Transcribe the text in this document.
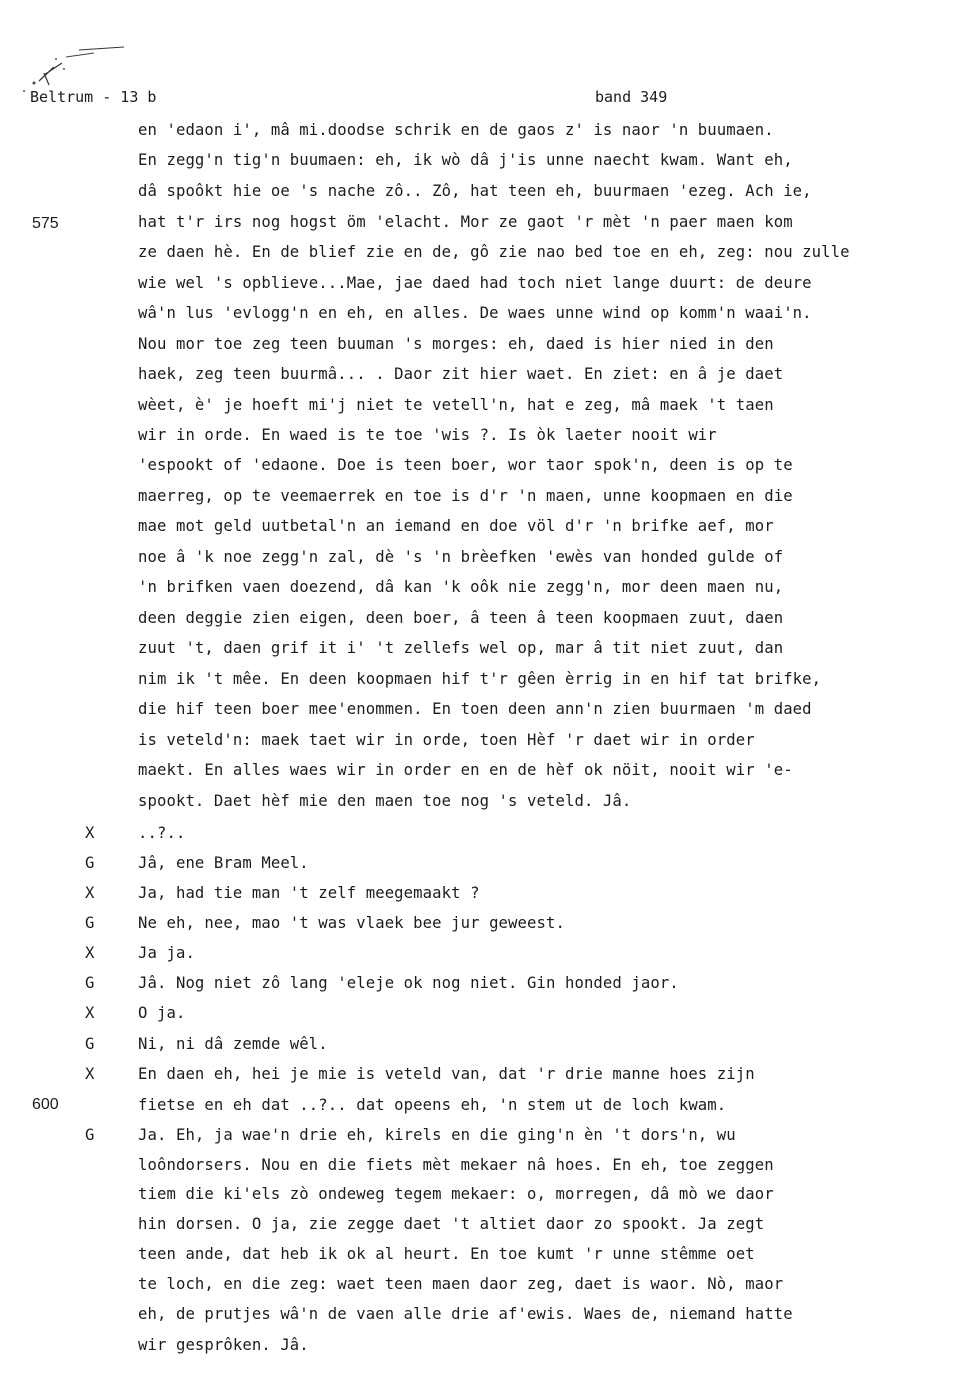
Beltrum - 13 b	band 349
575
600
X
G
X
G
X
G
X
G
X
G
en 'edaon i', mâ mi.doodse schrik en de gaos z' is naor 'n buumaen.
En zegg'n tig'n buumaen: eh, ik wò dâ j'is unne naecht kwam. Want eh,
dâ spoôkt hie oe 's nache zô.. Zô, hat teen eh, buurmaen 'ezeg. Ach ie,
hat t'r irs nog hogst öm 'elacht. Mor ze gaot 'r mèt 'n paer maen kom
ze daen hè. En de blief zie en de, gô zie nao bed toe en eh, zeg: nou zulle
wie wel 's opblieve...Mae, jae daed had toch niet lange duurt: de deure
wâ'n lus 'evlogg'n en eh, en alles. De waes unne wind op komm'n waai'n.
Nou mor toe zeg teen buuman 's morges: eh, daed is hier nied in den
haek, zeg teen buurmâ... . Daor zit hier waet. En ziet: en â je daet
wèet, è' je hoeft mi'j niet te vetell'n, hat e zeg, mâ maek 't taen
wir in orde. En waed is te toe 'wis ?. Is òk laeter nooit wir
'espookt of 'edaone. Doe is teen boer, wor taor spok'n, deen is op te
maerreg, op te veemaerrek en toe is d'r 'n maen, unne koopmaen en die
mae mot geld uutbetal'n an iemand en doe völ d'r 'n brifke aef, mor
noe â 'k noe zegg'n zal, dè 's 'n brèefken 'ewès van honded gulde of
'n brifken vaen doezend, dâ kan 'k oôk nie zegg'n, mor deen maen nu,
deen deggie zien eigen, deen boer, â teen â teen koopmaen zuut, daen
zuut 't, daen grif it i' 't zellefs wel op, mar â tit niet zuut, dan
nim ik 't mêe. En deen koopmaen hif t'r gêen èrrig in en hif tat brifke,
die hif teen boer mee'enommen. En toen deen ann'n zien buurmaen 'm daed
is veteld'n: maek taet wir in orde, toen Hèf 'r daet wir in order
maekt. En alles waes wir in order en en de hèf ok nöit, nooit wir 'e-
spookt. Daet hèf mie den maen toe nog 's veteld. Jâ.
..?..
Jâ, ene Bram Meel.
Ja, had tie man 't zelf meegemaakt ?
Ne eh, nee, mao 't was vlaek bee jur geweest.
Ja ja.
Jâ. Nog niet zô lang 'eleje ok nog niet. Gin honded jaor.
O ja.
Ni, ni dâ zemde wêl.
En daen eh, hei je mie is veteld van, dat 'r drie manne hoes zijn
fietse en eh dat ..?.. dat opeens eh, 'n stem ut de loch kwam.
Ja. Eh, ja wae'n drie eh, kirels en die ging'n èn 't dors'n, wu
loôndorsers. Nou en die fiets mèt mekaer nâ hoes. En eh, toe zeggen
tiem die ki'els zò ondeweg tegem mekaer: o, morregen, dâ mò we daor
hin dorsen. O ja, zie zegge daet 't altiet daor zo spookt. Ja zegt
teen ande, dat heb ik ok al heurt. En toe kumt 'r unne stêmme oet
te loch, en die zeg: waet teen maen daor zeg, daet is waor. Nò, maor
eh, de prutjes wâ'n de vaen alle drie af'ewis. Waes de, niemand hatte
wir gesprôken. Jâ.
